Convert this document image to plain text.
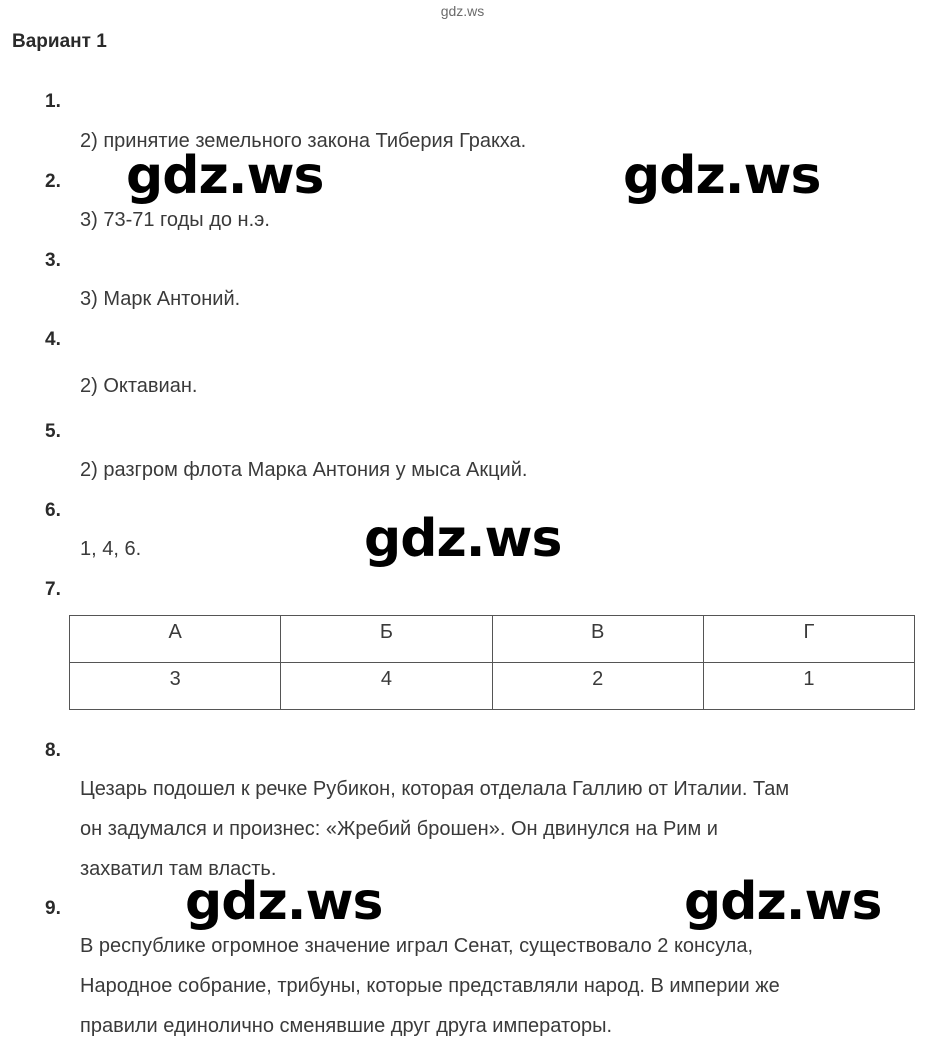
gdz.ws
Вариант 1
1.
2) принятие земельного закона Тиберия Гракха.
2.
3) 73-71 годы до н.э.
3.
3) Марк Антоний.
4.
2) Октавиан.
5.
2) разгром флота Марка Антония у мыса Акций.
6.
1, 4, 6.
7.
А	Б	В	Г
3	4	2	1
8.

Цезарь подошел к речке Рубикон, которая отделала Галлию от Италии. Там

он задумался и произнес: «Жребий брошен». Он двинулся на Рим и

захватил там власть.

9.

В республике огромное значение играл Сенат, существовало 2 консула,

Народное собрание, трибуны, которые представляли народ. В империи же

правили единолично сменявшие друг друга императоры.

gdz.ws	gdz.ws
gdz.ws
gdz.ws	gdz.ws
